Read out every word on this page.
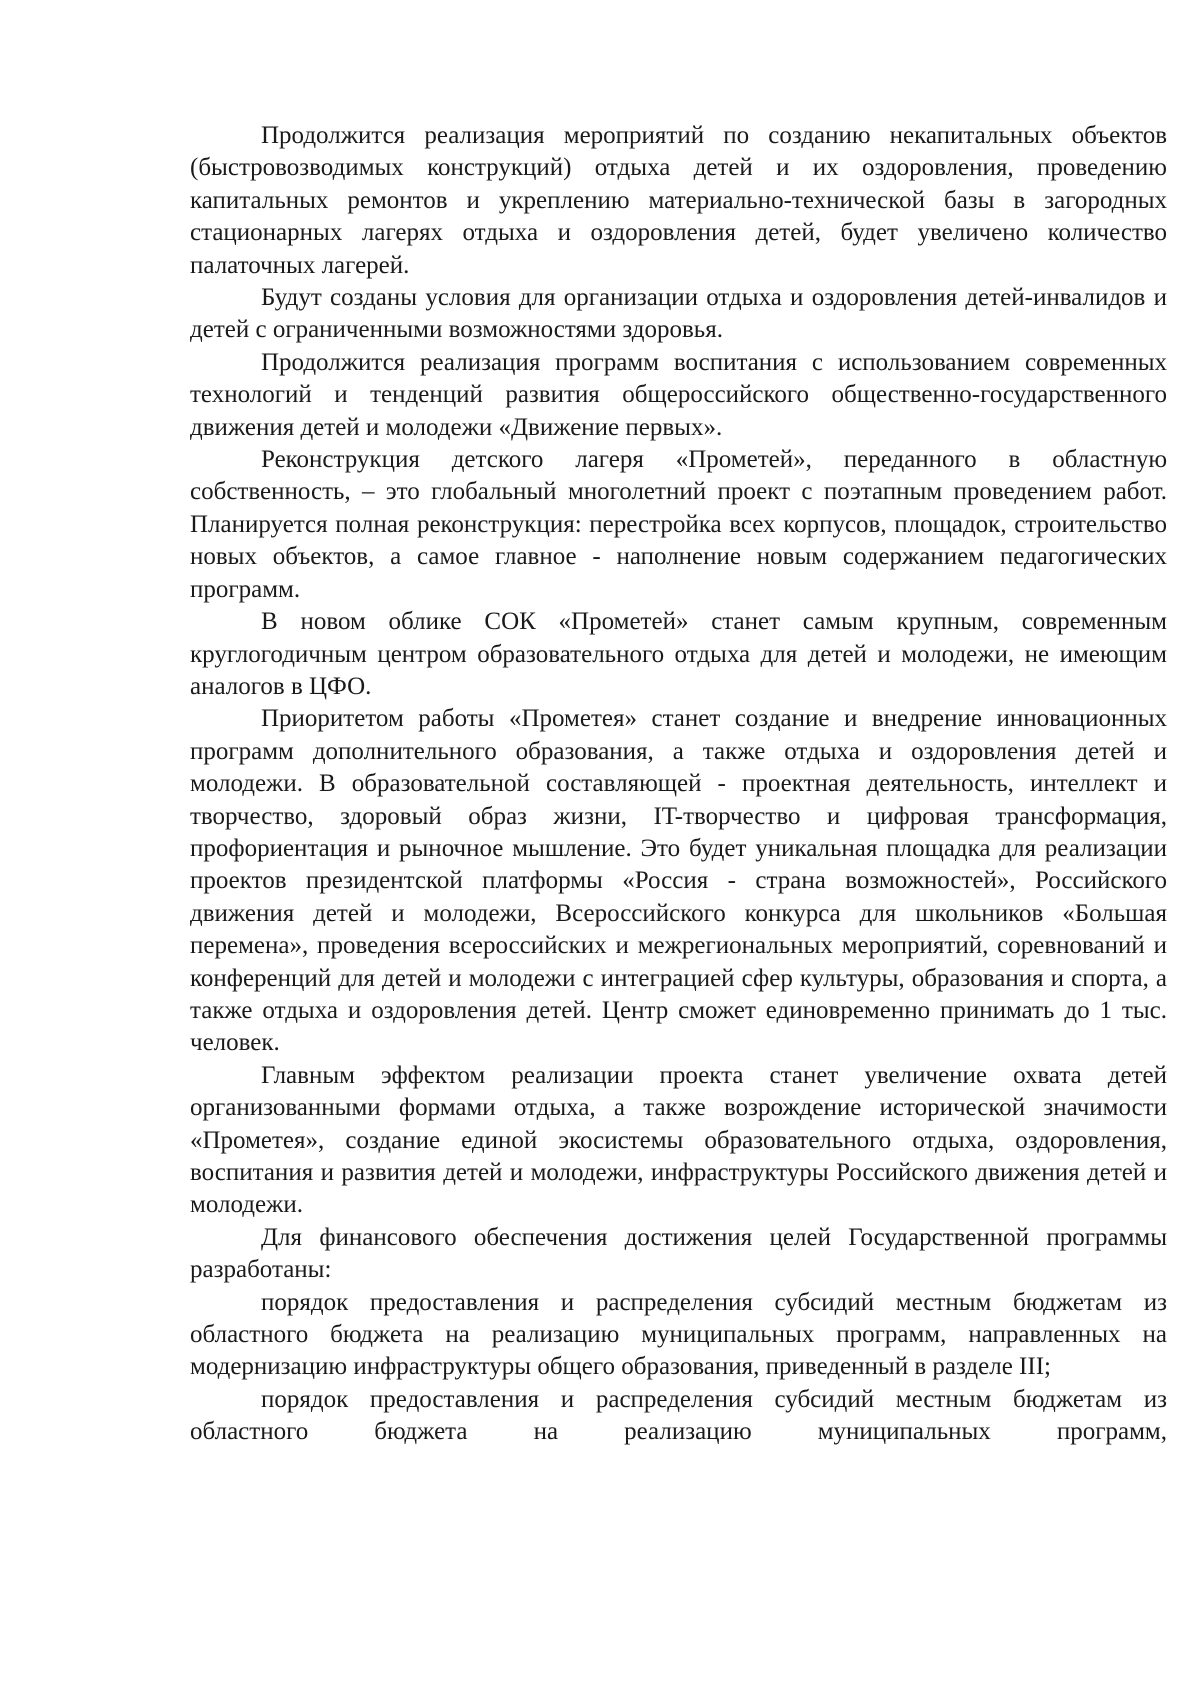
Продолжится реализация мероприятий по созданию некапитальных объектов (быстровозводимых конструкций) отдыха детей и их оздоровления, проведению капитальных ремонтов и укреплению материально-технической базы в загородных стационарных лагерях отдыха и оздоровления детей, будет увеличено количество палаточных лагерей.

Будут созданы условия для организации отдыха и оздоровления детей-инвалидов и детей с ограниченными возможностями здоровья.

Продолжится реализация программ воспитания с использованием современных технологий и тенденций развития общероссийского общественно-государственного движения детей и молодежи «Движение первых».

Реконструкция детского лагеря «Прометей», переданного в областную собственность, – это глобальный многолетний проект с поэтапным проведением работ. Планируется полная реконструкция: перестройка всех корпусов, площадок, строительство новых объектов, а самое главное - наполнение новым содержанием педагогических программ.

В новом облике СОК «Прометей» станет самым крупным, современным круглогодичным центром образовательного отдыха для детей и молодежи, не имеющим аналогов в ЦФО.

Приоритетом работы «Прометея» станет создание и внедрение инновационных программ дополнительного образования, а также отдыха и оздоровления детей и молодежи. В образовательной составляющей - проектная деятельность, интеллект и творчество, здоровый образ жизни, IT-творчество и цифровая трансформация, профориентация и рыночное мышление. Это будет уникальная площадка для реализации проектов президентской платформы «Россия - страна возможностей», Российского движения детей и молодежи, Всероссийского конкурса для школьников «Большая перемена», проведения всероссийских и межрегиональных мероприятий, соревнований и конференций для детей и молодежи с интеграцией сфер культуры, образования и спорта, а также отдыха и оздоровления детей. Центр сможет единовременно принимать до 1 тыс. человек.

Главным эффектом реализации проекта станет увеличение охвата детей организованными формами отдыха, а также возрождение исторической значимости «Прометея», создание единой экосистемы образовательного отдыха, оздоровления, воспитания и развития детей и молодежи, инфраструктуры Российского движения детей и молодежи.

Для финансового обеспечения достижения целей Государственной программы разработаны:

порядок предоставления и распределения субсидий местным бюджетам из областного бюджета на реализацию муниципальных программ, направленных на модернизацию инфраструктуры общего образования, приведенный в разделе III;

порядок предоставления и распределения субсидий местным бюджетам из областного бюджета на реализацию муниципальных программ,
